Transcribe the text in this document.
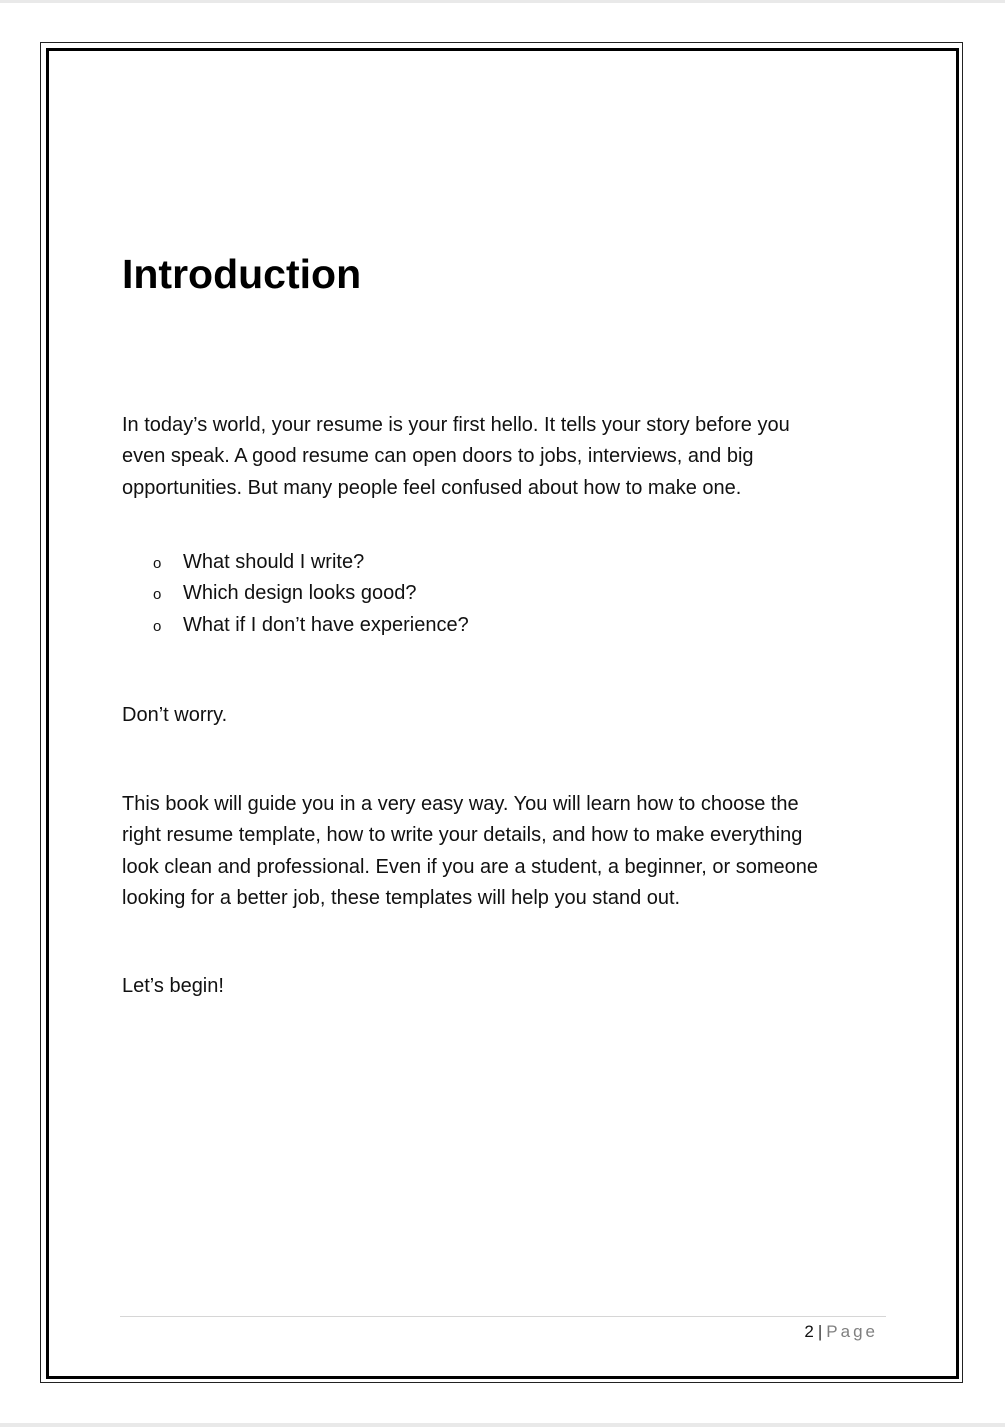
Introduction

In today’s world, your resume is your first hello. It tells your story before you
even speak. A good resume can open doors to jobs, interviews, and big
opportunities. But many people feel confused about how to make one.

o What should I write?
o Which design looks good?
o What if I don’t have experience?

Don’t worry.

This book will guide you in a very easy way. You will learn how to choose the
right resume template, how to write your details, and how to make everything
look clean and professional. Even if you are a student, a beginner, or someone
looking for a better job, these templates will help you stand out.

Let’s begin!

2 | Page
